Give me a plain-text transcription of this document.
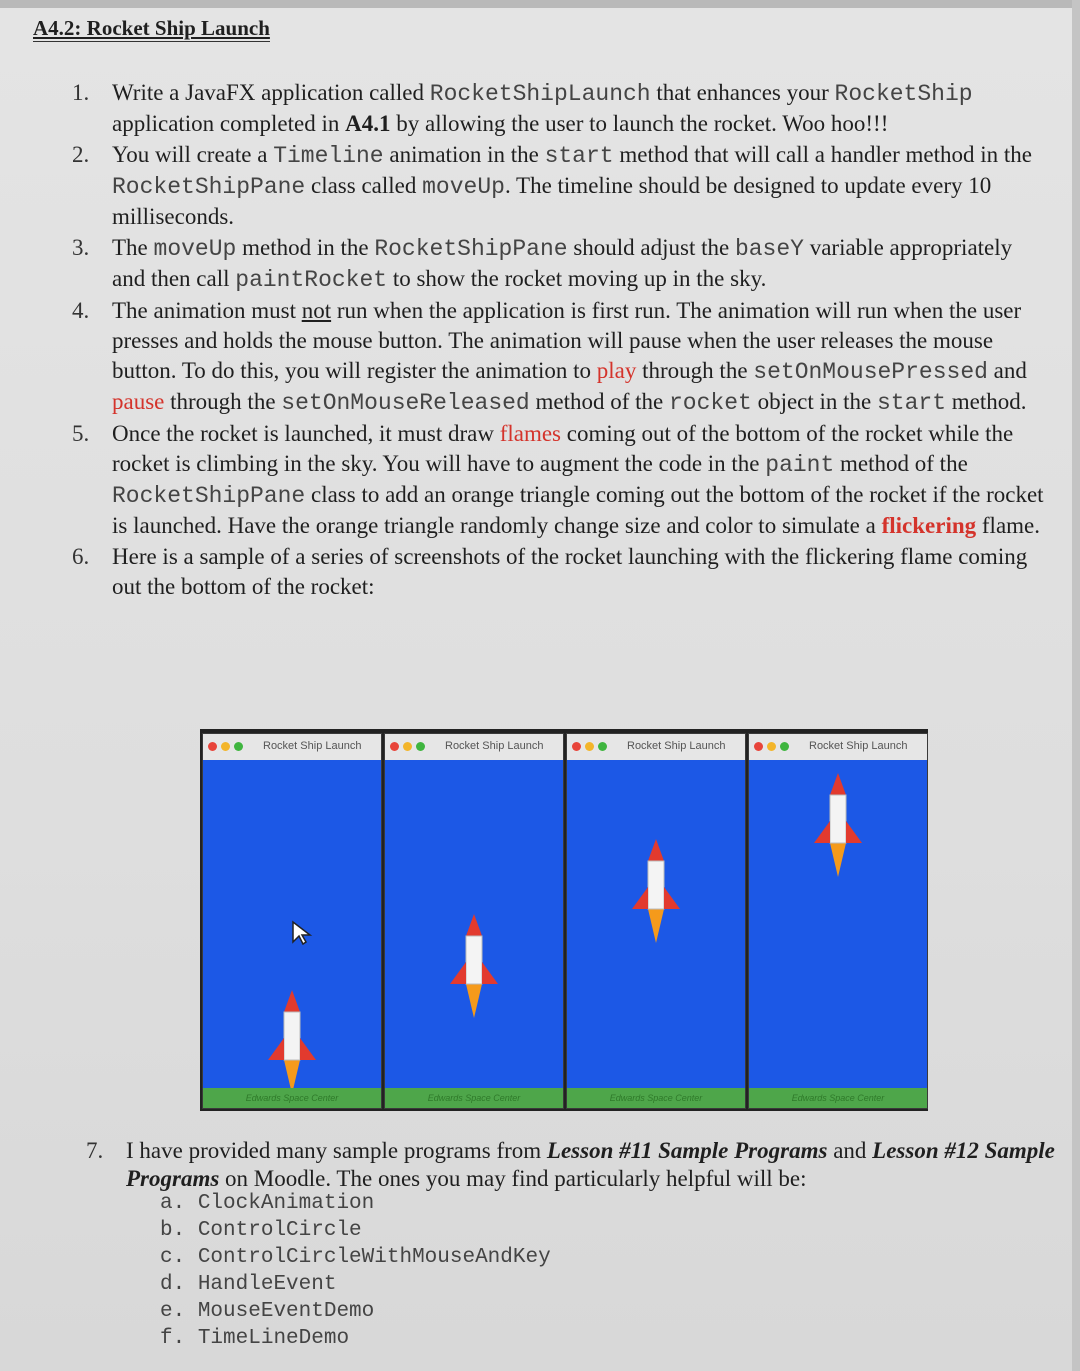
A4.2: Rocket Ship Launch
1. Write a JavaFX application called RocketShipLaunch that enhances your RocketShip application completed in A4.1 by allowing the user to launch the rocket. Woo hoo!!!
2. You will create a Timeline animation in the start method that will call a handler method in the RocketShipPane class called moveUp. The timeline should be designed to update every 10 milliseconds.
3. The moveUp method in the RocketShipPane should adjust the baseY variable appropriately and then call paintRocket to show the rocket moving up in the sky.
4. The animation must not run when the application is first run. The animation will run when the user presses and holds the mouse button. The animation will pause when the user releases the mouse button. To do this, you will register the animation to play through the setOnMousePressed and pause through the setOnMouseReleased method of the rocket object in the start method.
5. Once the rocket is launched, it must draw flames coming out of the bottom of the rocket while the rocket is climbing in the sky. You will have to augment the code in the paint method of the RocketShipPane class to add an orange triangle coming out the bottom of the rocket if the rocket is launched. Have the orange triangle randomly change size and color to simulate a flickering flame.
6. Here is a sample of a series of screenshots of the rocket launching with the flickering flame coming out the bottom of the rocket:
Rocket Ship Launch
Edwards Space Center
Rocket Ship Launch
Edwards Space Center
Rocket Ship Launch
Edwards Space Center
Rocket Ship Launch
Edwards Space Center
7. I have provided many sample programs from Lesson #11 Sample Programs and Lesson #12 Sample Programs on Moodle. The ones you may find particularly helpful will be:
a. ClockAnimation
b. ControlCircle
c. ControlCircleWithMouseAndKey
d. HandleEvent
e. MouseEventDemo
f. TimeLineDemo
